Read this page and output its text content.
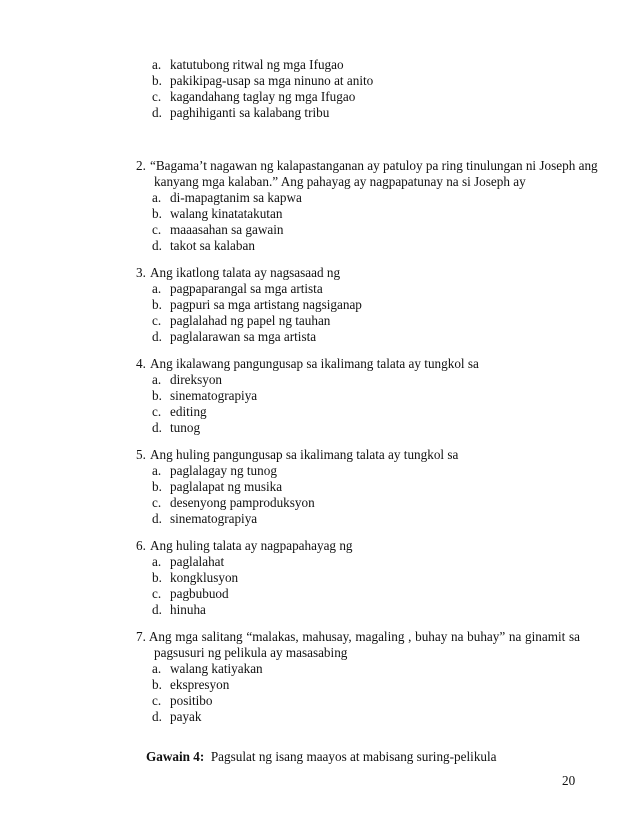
a. katutubong ritwal ng mga Ifugao
b. pakikipag-usap sa mga ninuno at anito
c. kagandahang taglay ng mga Ifugao
d. paghihiganti sa kalabang tribu
2. “Bagama’t nagawan ng kalapastanganan ay patuloy pa ring tinulungan ni Joseph ang
kanyang mga kalaban.” Ang pahayag ay nagpapatunay na si Joseph ay
a. di-mapagtanim sa kapwa
b. walang kinatatakutan
c. maaasahan sa gawain
d. takot sa kalaban
3. Ang ikatlong talata ay nagsasaad ng
a. pagpaparangal sa mga artista
b. pagpuri sa mga artistang nagsiganap
c. paglalahad ng papel ng tauhan
d. paglalarawan sa mga artista
4. Ang ikalawang pangungusap sa ikalimang talata ay tungkol sa
a. direksyon
b. sinematograpiya
c. editing
d. tunog
5. Ang huling pangungusap sa ikalimang talata ay tungkol sa
a. paglalagay ng tunog
b. paglalapat ng musika
c. desenyong pamproduksyon
d. sinematograpiya
6. Ang huling talata ay nagpapahayag ng
a. paglalahat
b. kongklusyon
c. pagbubuod
d. hinuha
7. Ang mga salitang “malakas, mahusay, magaling , buhay na buhay” na ginamit sa
pagsusuri ng pelikula ay masasabing
a. walang katiyakan
b. ekspresyon
c. positibo
d. payak
Gawain 4: Pagsulat ng isang maayos at mabisang suring-pelikula
20
